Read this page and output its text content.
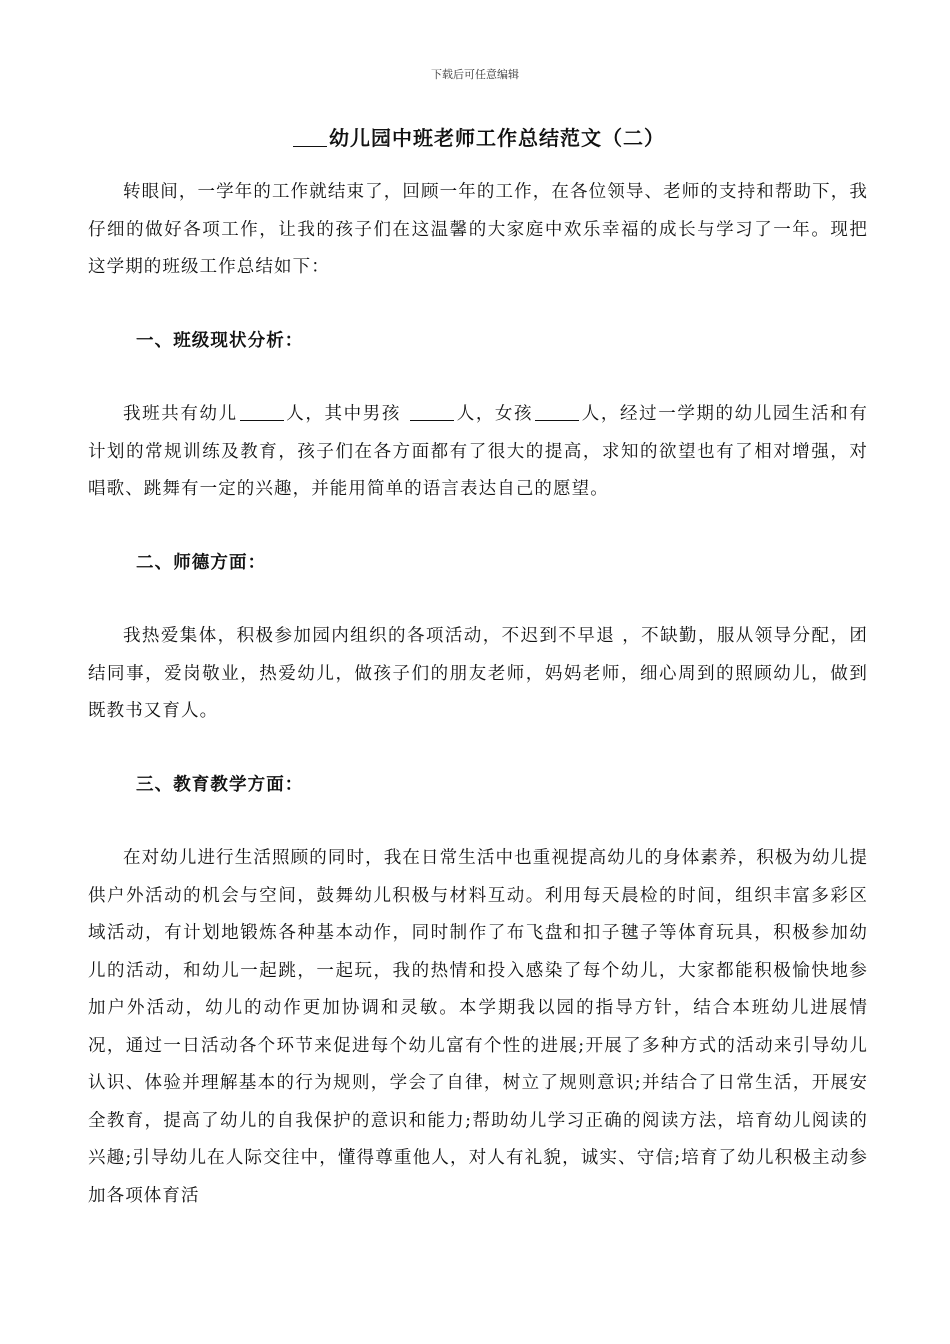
下载后可任意编辑
幼儿园中班老师工作总结范文（二）

转眼间，一学年的工作就结束了，回顾一年的工作，在各位领导、老师的支持和帮助下，我仔细的做好各项工作，让我的孩子们在这温馨的大家庭中欢乐幸福的成长与学习了一年。现把这学期的班级工作总结如下：

一、班级现状分析：

我班共有幼儿	人，其中男孩	人，女孩	人，经过一学期的幼儿园生活和有计划的常规训练及教育，孩子们在各方面都有了很大的提高，求知的欲望也有了相对增强，对唱歌、跳舞有一定的兴趣，并能用简单的语言表达自己的愿望。

二、师德方面：

我热爱集体，积极参加园内组织的各项活动，不迟到不早退 ，不缺勤，服从领导分配，团结同事，爱岗敬业，热爱幼儿，做孩子们的朋友老师，妈妈老师，细心周到的照顾幼儿，做到既教书又育人。

三、教育教学方面：

在对幼儿进行生活照顾的同时，我在日常生活中也重视提高幼儿的身体素养，积极为幼儿提供户外活动的机会与空间，鼓舞幼儿积极与材料互动。利用每天晨检的时间，组织丰富多彩区域活动，有计划地锻炼各种基本动作，同时制作了布飞盘和扣子毽子等体育玩具，积极参加幼儿的活动，和幼儿一起跳，一起玩，我的热情和投入感染了每个幼儿，大家都能积极愉快地参加户外活动，幼儿的动作更加协调和灵敏。本学期我以园的指导方针，结合本班幼儿进展情况，通过一日活动各个环节来促进每个幼儿富有个性的进展;开展了多种方式的活动来引导幼儿认识、体验并理解基本的行为规则，学会了自律，树立了规则意识;并结合了日常生活，开展安全教育，提高了幼儿的自我保护的意识和能力;帮助幼儿学习正确的阅读方法，培育幼儿阅读的兴趣;引导幼儿在人际交往中，懂得尊重他人，对人有礼貌，诚实、守信;培育了幼儿积极主动参加各项体育活
